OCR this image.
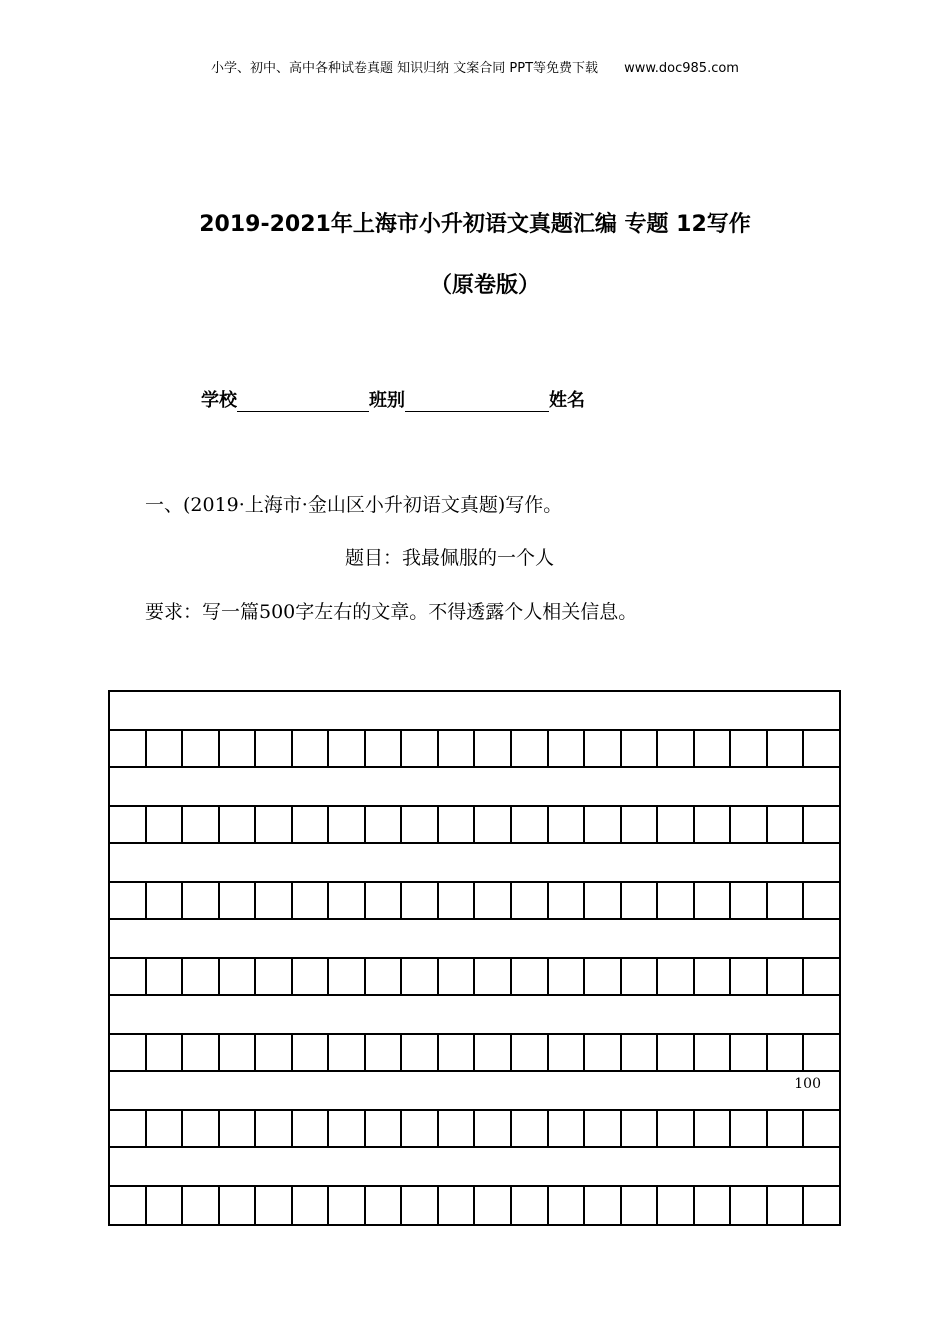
小学、初中、高中各种试卷真题 知识归纳 文案合同 PPT等免费下载 www.doc985.com
2019-2021年上海市小升初语文真题汇编 专题 12写作
（原卷版）
学校	班别	姓名
一、(2019·上海市·金山区小升初语文真题)写作。
题目：我最佩服的一个人
要求：写一篇500字左右的文章。不得透露个人相关信息。
100
